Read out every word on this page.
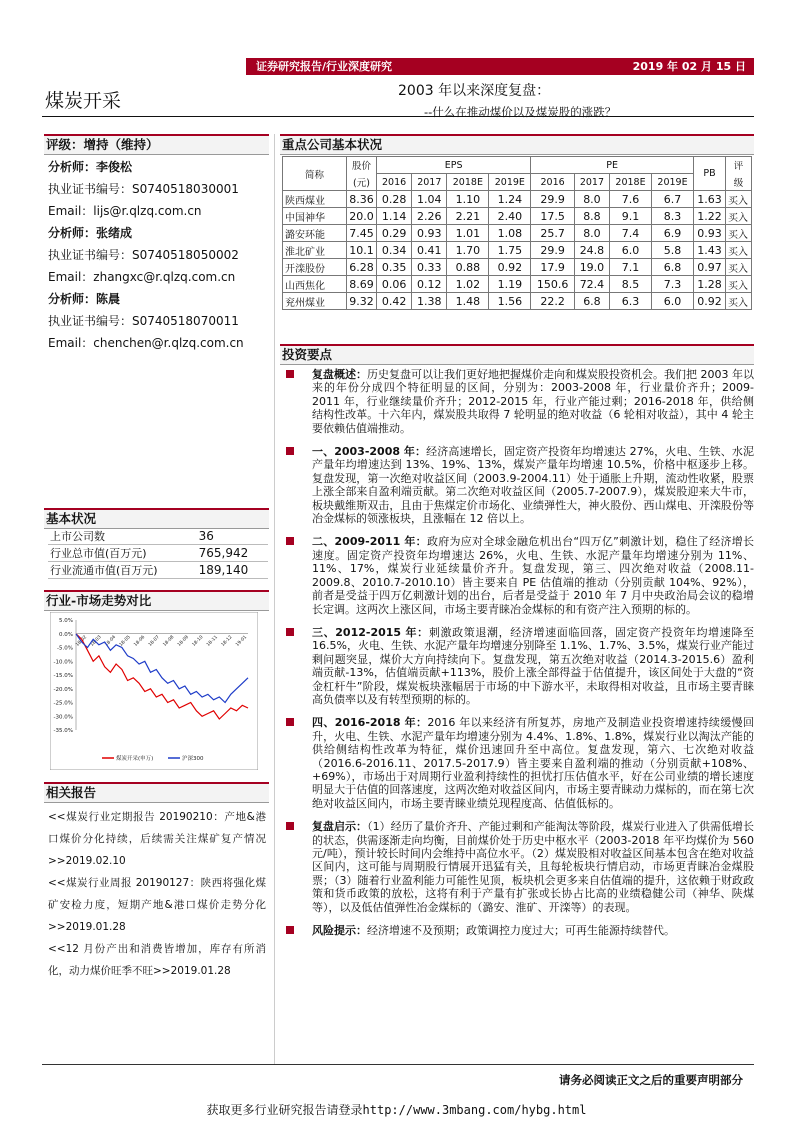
证券研究报告/行业深度研究	2019 年 02 月 15 日
煤炭开采	2003 年以来深度复盘：
--什么在推动煤价以及煤炭股的涨跌？
评级：增持（维持）
分析师：李俊松
执业证书编号：S0740518030001
Email：lijs@r.qlzq.com.cn
分析师：张绪成
执业证书编号：S0740518050002
Email：zhangxc@r.qlzq.com.cn
分析师：陈晨
执业证书编号：S0740518070011
Email：chenchen@r.qlzq.com.cn
基本状况
上市公司数	36
行业总市值(百万元)	765,942
行业流通市值(百万元)	189,140
行业-市场走势对比
5.0%
0.0%
-5.0%
-10.0%
-15.0%
-20.0%
-25.0%
-30.0%
-35.0%
18-02 18-03 18-04 18-05 18-06 18-07 18-08 18-09 18-10 18-11 18-12 19-01
煤炭开采(申万)	沪深300
相关报告

<<煤炭行业定期报告 20190210：产地&港口煤价分化持续，后续需关注煤矿复产情况>>2019.02.10

<<煤炭行业周报 20190127：陕西将强化煤矿安检力度，短期产地&港口煤价走势分化>>2019.01.28

<<12 月份产出和消费皆增加，库存有所消化，动力煤价旺季不旺>>2019.01.28

重点公司基本状况
简称	股价	EPS				PE				PB	评
	(元)	2016	2017	2018E	2019E	2016	2017	2018E	2019E		级
陕西煤业	8.36	0.28	1.04	1.10	1.24	29.9	8.0	7.6	6.7	1.63	买入
中国神华	20.0	1.14	2.26	2.21	2.40	17.5	8.8	9.1	8.3	1.22	买入
潞安环能	7.45	0.29	0.93	1.01	1.08	25.7	8.0	7.4	6.9	0.93	买入
淮北矿业	10.1	0.34	0.41	1.70	1.75	29.9	24.8	6.0	5.8	1.43	买入
开滦股份	6.28	0.35	0.33	0.88	0.92	17.9	19.0	7.1	6.8	0.97	买入
山西焦化	8.69	0.06	0.12	1.02	1.19	150.6	72.4	8.5	7.3	1.28	买入
兖州煤业	9.32	0.42	1.38	1.48	1.56	22.2	6.8	6.3	6.0	0.92	买入
投资要点
复盘概述：历史复盘可以让我们更好地把握煤价走向和煤炭股投资机会。我们把 2003 年以来的年份分成四个特征明显的区间，分别为：2003-2008 年，行业量价齐升；2009-2011 年，行业继续量价齐升；2012-2015 年，行业产能过剩；2016-2018 年，供给侧结构性改革。十六年内，煤炭股共取得 7 轮明显的绝对收益（6 轮相对收益），其中 4 轮主要依赖估值端推动。
一、2003-2008 年：经济高速增长，固定资产投资年均增速达 27%，火电、生铁、水泥产量年均增速达到 13%、19%、13%，煤炭产量年均增速 10.5%，价格中枢逐步上移。复盘发现，第一次绝对收益区间（2003.9-2004.11）处于通胀上升期，流动性收紧，股票上涨全部来自盈利端贡献。第二次绝对收益区间（2005.7-2007.9），煤炭股迎来大牛市，板块戴维斯双击，且由于焦煤定价市场化、业绩弹性大，神火股份、西山煤电、开滦股份等冶金煤标的领涨板块，且涨幅在 12 倍以上。
二、2009-2011 年：政府为应对全球金融危机出台“四万亿”刺激计划，稳住了经济增长速度。固定资产投资年均增速达 26%，火电、生铁、水泥产量年均增速分别为 11%、11%、17%，煤炭行业延续量价齐升。复盘发现，第三、四次绝对收益（2008.11-2009.8、2010.7-2010.10）皆主要来自 PE 估值端的推动（分别贡献 104%、92%），前者是受益于四万亿刺激计划的出台，后者是受益于 2010 年 7 月中央政治局会议的稳增长定调。这两次上涨区间，市场主要青睐冶金煤标的和有资产注入预期的标的。
三、2012-2015 年：刺激政策退潮，经济增速面临回落，固定资产投资年均增速降至 16.5%，火电、生铁、水泥产量年均增速分别降至 1.1%、1.7%、3.5%，煤炭行业产能过剩问题突显，煤价大方向持续向下。复盘发现，第五次绝对收益（2014.3-2015.6）盈利端贡献-13%，估值端贡献+113%，股价上涨全部得益于估值提升，该区间处于大盘的“资金杠杆牛”阶段，煤炭板块涨幅居于市场的中下游水平，未取得相对收益，且市场主要青睐高负债率以及有转型预期的标的。
四、2016-2018 年：2016 年以来经济有所复苏，房地产及制造业投资增速持续缓慢回升，火电、生铁、水泥产量年均增速分别为 4.4%、1.8%、1.8%，煤炭行业以淘汰产能的供给侧结构性改革为特征，煤价迅速回升至中高位。复盘发现，第六、七次绝对收益（2016.6-2016.11、2017.5-2017.9）皆主要来自盈利端的推动（分别贡献+108%、+69%），市场出于对周期行业盈利持续性的担忧打压估值水平，好在公司业绩的增长速度明显大于估值的回落速度，这两次绝对收益区间内，市场主要青睐动力煤标的，而在第七次绝对收益区间内，市场主要青睐业绩兑现程度高、估值低标的。
复盘启示：（1）经历了量价齐升、产能过剩和产能淘汰等阶段，煤炭行业进入了供需低增长的状态，供需逐渐走向均衡，目前煤价处于历史中枢水平（2003-2018 年平均煤价为 560 元/吨），预计较长时间内会维持中高位水平。（2）煤炭股相对收益区间基本包含在绝对收益区间内，这可能与周期股行情展开迅猛有关，且每轮板块行情启动，市场更青睐冶金煤股票；（3）随着行业盈利能力可能性见顶，板块机会更多来自估值端的提升，这依赖于财政政策和货币政策的放松，这将有利于产量有扩张或长协占比高的业绩稳健公司（神华、陕煤等），以及低估值弹性冶金煤标的（潞安、淮矿、开滦等）的表现。
风险提示：经济增速不及预期；政策调控力度过大；可再生能源持续替代。
请务必阅读正文之后的重要声明部分
获取更多行业研究报告请登录http://www.3mbang.com/hybg.html
